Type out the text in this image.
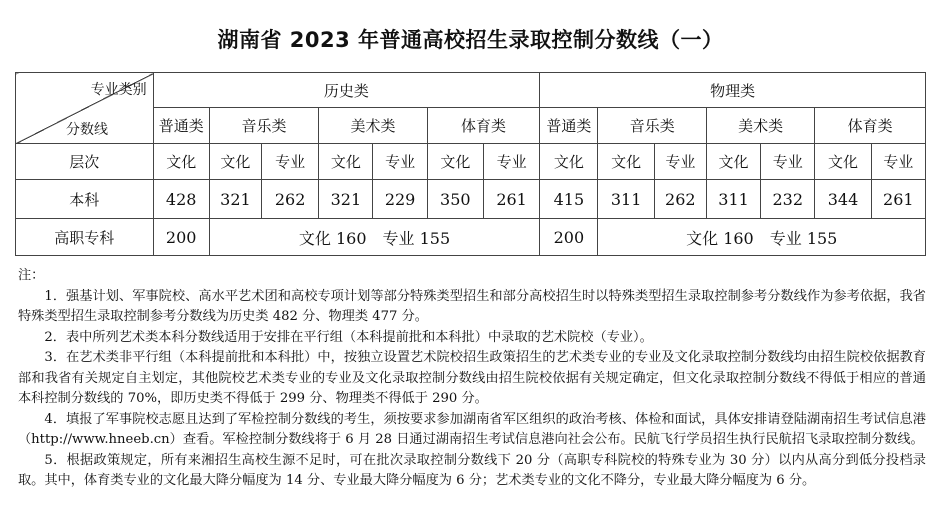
湖南省 2023 年普通高校招生录取控制分数线（一）
专业类别
分数线	历史类							物理类						
	普通类	音乐类		美术类		体育类		普通类	音乐类		美术类		体育类	
层次	文化	文化	专业	文化	专业	文化	专业	文化	文化	专业	文化	专业	文化	专业
本科	428	321	262	321	229	350	261	415	311	262	311	232	344	261
高职专科	200	文化 160　专业 155						200	文化 160　专业 155					

注：

1．强基计划、军事院校、高水平艺术团和高校专项计划等部分特殊类型招生和部分高校招生时以特殊类型招生录取控制参考分数线作为参考依据，我省特殊类型招生录取控制参考分数线为历史类 482 分、物理类 477 分。

2．表中所列艺术类本科分数线适用于安排在平行组（本科提前批和本科批）中录取的艺术院校（专业）。

3．在艺术类非平行组（本科提前批和本科批）中，按独立设置艺术院校招生政策招生的艺术类专业的专业及文化录取控制分数线均由招生院校依据教育部和我省有关规定自主划定，其他院校艺术类专业的专业及文化录取控制分数线由招生院校依据有关规定确定，但文化录取控制分数线不得低于相应的普通本科控制分数线的 70%，即历史类不得低于 299 分、物理类不得低于 290 分。

4．填报了军事院校志愿且达到了军检控制分数线的考生，须按要求参加湖南省军区组织的政治考核、体检和面试，具体安排请登陆湖南招生考试信息港（http://www.hneeb.cn）查看。军检控制分数线将于 6 月 28 日通过湖南招生考试信息港向社会公布。民航飞行学员招生执行民航招飞录取控制分数线。

5．根据政策规定，所有来湘招生高校生源不足时，可在批次录取控制分数线下 20 分（高职专科院校的特殊专业为 30 分）以内从高分到低分投档录取。其中，体育类专业的文化最大降分幅度为 14 分、专业最大降分幅度为 6 分；艺术类专业的文化不降分，专业最大降分幅度为 6 分。
